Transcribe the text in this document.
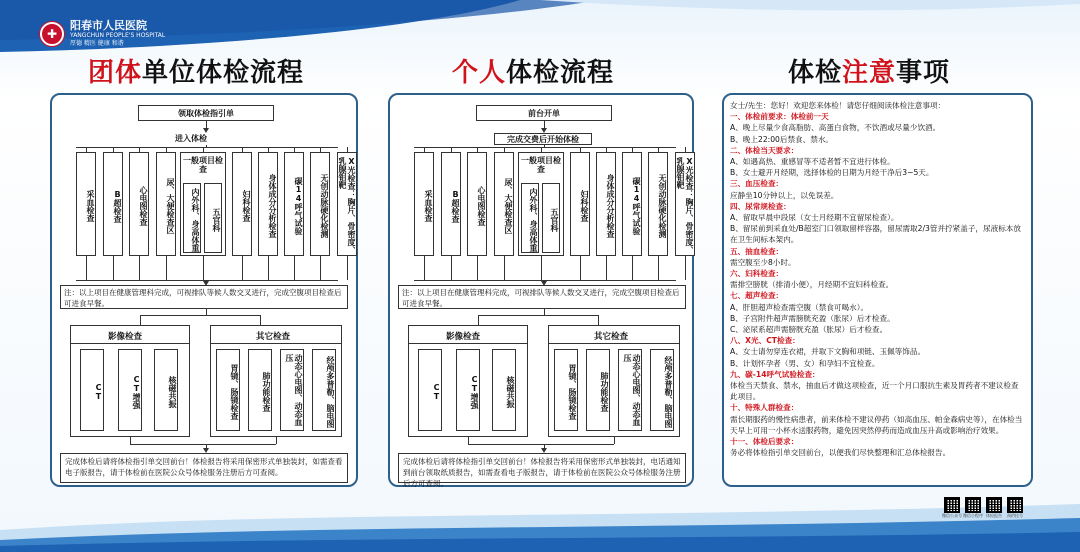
✚
阳春市人民医院
YANGCHUN PEOPLE'S HOSPITAL
厚德 精医 健康 和谐
团体单位体检流程	个人体检流程	体检注意事项
领取体检指引单
进入体检
采血检查	B超检查	心电图检查	尿、大便检查区
一般项目检查
内外科、身高体重	五官科	妇科检查	身体成分分析检查	碳14呼气试验	无创动脉硬化检测	X光检查：胸片、骨密度、乳腺钼靶
注：以上项目在健康管理科完成，可视排队等候人数交叉进行，完成空腹项目检查后可进食早餐。
影像检查
CT	CT增强	核磁共振
其它检查
胃镜、肠镜检查	肺功能检查	动态心电图、动态血压	经颅多普勒、脑电图
完成体检后请将体检指引单交回前台！体检报告将采用保密形式单独装封，如需查看电子版报告，请于体检前在医院公众号体检服务注册后方可查阅。
前台开单
完成交费后开始体检
采血检查	B超检查	心电图检查	尿、大便检查区
一般项目检查
内外科、身高体重	五官科	妇科检查	身体成分分析检查	碳14呼气试验	无创动脉硬化检测	X光检查：胸片、骨密度、乳腺钼靶
注：以上项目在健康管理科完成，可视排队等候人数交叉进行，完成空腹项目检查后可进食早餐。
影像检查
CT	CT增强	核磁共振
其它检查
胃镜、肠镜检查	肺功能检查	动态心电图、动态血压	经颅多普勒、脑电图
完成体检后请将体检指引单交回前台！体检报告将采用保密形式单独装封，电话通知到前台领取纸质报告，如需查看电子版报告，请于体检前在医院公众号体检服务注册后方可查阅。
女士/先生：您好！欢迎您来体检！请您仔细阅读体检注意事项：
一、体检前要求：体检前一天
A、晚上尽量少食高脂肪、高蛋白食物，不饮酒或尽量少饮酒。
B、晚上22:00后禁食、禁水。
二、体检当天要求：
A、如遇高热、重感冒等不适者暂不宜进行体检。
B、女士避开月经期，选择体检的日期为月经干净后3~5天。
三、血压检查：
应静坐10分钟以上，以免误差。
四、尿常规检查：
A、留取早晨中段尿（女士月经期不宜留尿检查）。
B、留尿前到采血处/B超室门口领取留样容器，留尿需取2/3管并拧紧盖子，尿液标本放在卫生间标本架内。
五、抽血检查：
需空腹至少8小时。
六、妇科检查：
需排空膀胱（排清小便），月经期不宜妇科检查。
七、超声检查：
A、肝胆超声检查需空腹（禁食可喝水）。
B、子宫附件超声需膀胱充盈（胀尿）后才检查。
C、泌尿系超声需膀胱充盈（胀尿）后才检查。
八、X光、CT检查：
A、女士请勿穿连衣裙，并取下文胸和项链、玉佩等饰品。
B、计划怀孕者（男、女）和孕妇不宜检查。
九、碳-14呼气试验检查：
体检当天禁食、禁水，抽血后才做这项检查，近一个月口服抗生素及胃药者不建议检查此项目。
十、特殊人群检查：
需长期服药的慢性病患者，前来体检不建议停药（如高血压、帕金森病史等），在体检当天早上可用一小杯水送服药物，避免因突然停药而造成血压升高或影响治疗效果。
十一、体检后要求：
务必将体检指引单交回前台，以便我们尽快整理和汇总体检报告。
微信公众号 微信小程序 体检报告 预约挂号
